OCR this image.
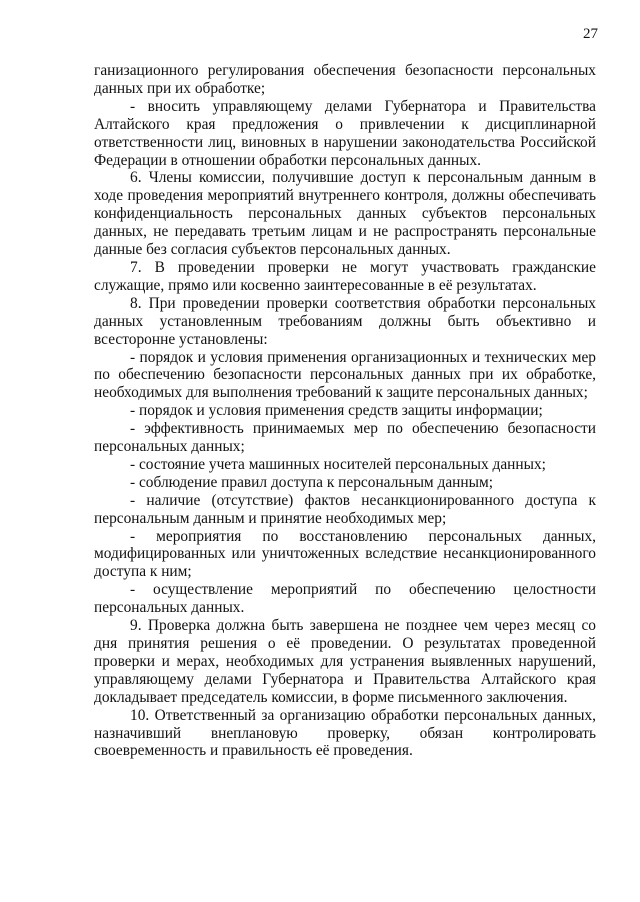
27

ганизационного регулирования обеспечения безопасности персональных данных при их обработке;

- вносить управляющему делами Губернатора и Правительства Алтайского края предложения о привлечении к дисциплинарной ответственности лиц, виновных в нарушении законодательства Российской Федерации в отношении обработки персональных данных.

6. Члены комиссии, получившие доступ к персональным данным в ходе проведения мероприятий внутреннего контроля, должны обеспечивать конфиденциальность персональных данных субъектов персональных данных, не передавать третьим лицам и не распространять персональные данные без согласия субъектов персональных данных.

7. В проведении проверки не могут участвовать гражданские служащие, прямо или косвенно заинтересованные в её результатах.

8. При проведении проверки соответствия обработки персональных данных установленным требованиям должны быть объективно и всесторонне установлены:

- порядок и условия применения организационных и технических мер по обеспечению безопасности персональных данных при их обработке, необходимых для выполнения требований к защите персональных данных;

- порядок и условия применения средств защиты информации;

- эффективность принимаемых мер по обеспечению безопасности персональных данных;

- состояние учета машинных носителей персональных данных;

- соблюдение правил доступа к персональным данным;

- наличие (отсутствие) фактов несанкционированного доступа к персональным данным и принятие необходимых мер;

- мероприятия по восстановлению персональных данных, модифицированных или уничтоженных вследствие несанкционированного доступа к ним;

- осуществление мероприятий по обеспечению целостности персональных данных.

9. Проверка должна быть завершена не позднее чем через месяц со дня принятия решения о её проведении. О результатах проведенной проверки и мерах, необходимых для устранения выявленных нарушений, управляющему делами Губернатора и Правительства Алтайского края докладывает председатель комиссии, в форме письменного заключения.

10. Ответственный за организацию обработки персональных данных, назначивший внеплановую проверку, обязан контролировать своевременность и правильность её проведения.
